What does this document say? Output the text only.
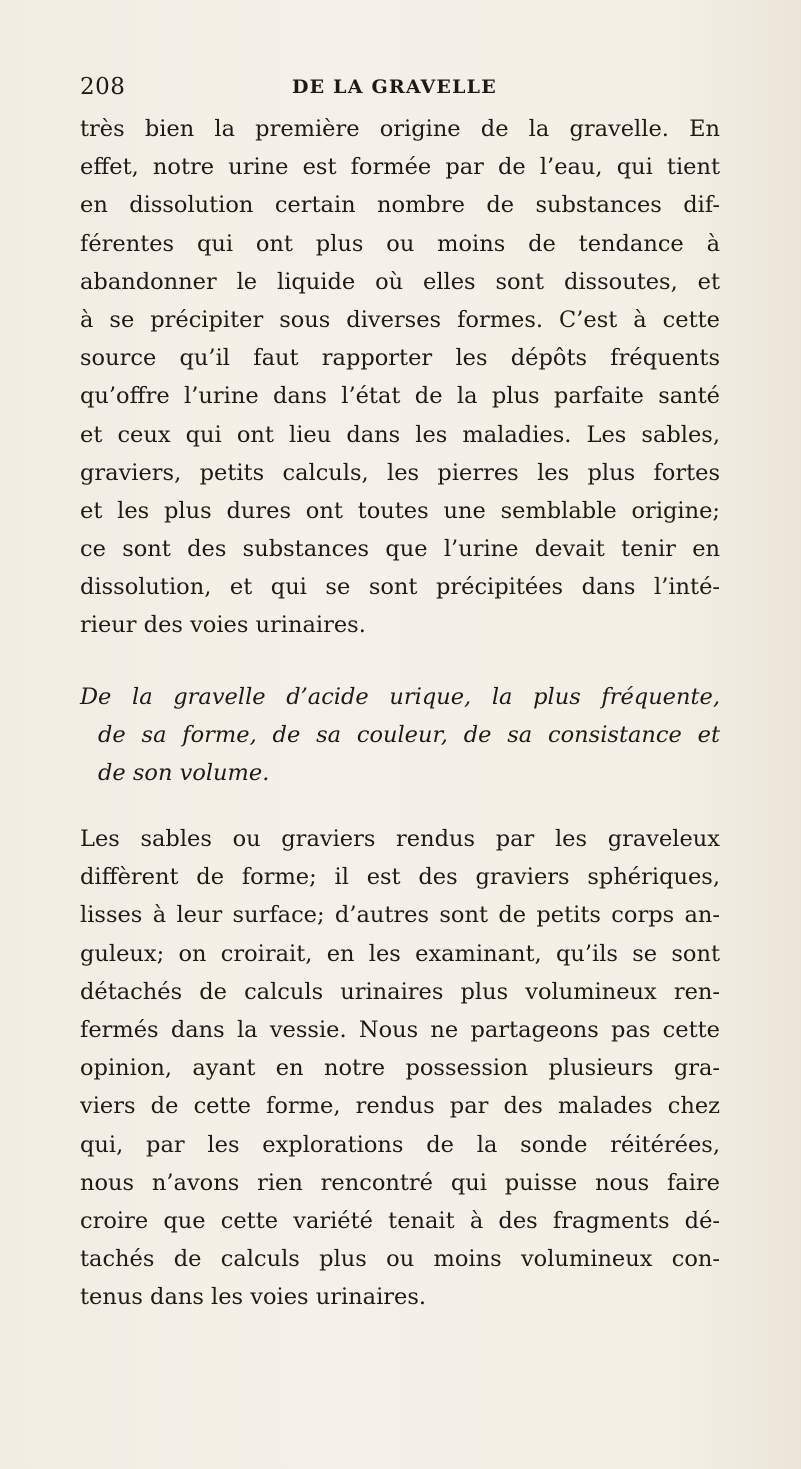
208	DE LA GRAVELLE
très bien la première origine de la gravelle. En
effet, notre urine est formée par de l’eau, qui tient
en dissolution certain nombre de substances dif-
férentes qui ont plus ou moins de tendance à
abandonner le liquide où elles sont dissoutes, et
à se précipiter sous diverses formes. C’est à cette
source qu’il faut rapporter les dépôts fréquents
qu’offre l’urine dans l’état de la plus parfaite santé
et ceux qui ont lieu dans les maladies. Les sables,
graviers, petits calculs, les pierres les plus fortes
et les plus dures ont toutes une semblable origine;
ce sont des substances que l’urine devait tenir en
dissolution, et qui se sont précipitées dans l’inté-
rieur des voies urinaires.
De la gravelle d’acide urique, la plus fréquente,
de sa forme, de sa couleur, de sa consistance et
de son volume.
Les sables ou graviers rendus par les graveleux
diffèrent de forme; il est des graviers sphériques,
lisses à leur surface; d’autres sont de petits corps an-
guleux; on croirait, en les examinant, qu’ils se sont
détachés de calculs urinaires plus volumineux ren-
fermés dans la vessie. Nous ne partageons pas cette
opinion, ayant en notre possession plusieurs gra-
viers de cette forme, rendus par des malades chez
qui, par les explorations de la sonde réitérées,
nous n’avons rien rencontré qui puisse nous faire
croire que cette variété tenait à des fragments dé-
tachés de calculs plus ou moins volumineux con-
tenus dans les voies urinaires.
